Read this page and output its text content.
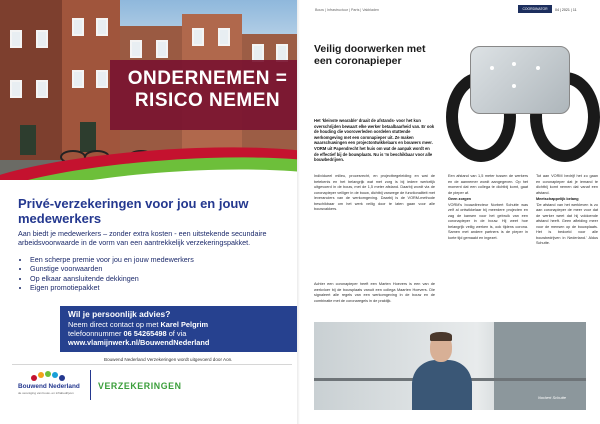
ONDERNEMEN =
RISICO NEMEN
Privé-verzekeringen voor jou en jouw medewerkers
Aan biedt je medewerkers – zonder extra kosten - een uitstekende secundaire arbeidsvoorwaarde in de vorm van een aantrekkelijk verzekeringspakket.
• Een scherpe premie voor jou en jouw medewerkers
• Gunstige voorwaarden
• Op elkaar aansluitende dekkingen
• Eigen promotiepakket
Wil je persoonlijk advies?
Neem direct contact op met Karel Pelgrim
telefoonnummer 06 54265498 of via
www.vlamijnwerk.nl/BouwendNederland
Bouwend Nederland Verzekeringen wordt uitgevoerd door Aon.
Bouwend Nederland
de vereniging van bouw- en infrabedrijven
VERZEKERINGEN
Bouw | Infrastructuur | Parts | Vakbladen	COORDINATOR	04 | 2021 | 11
Veilig doorwerken met een coronapieper
Het 'kleinste wearable' draait de afstands- voor het kun overschrijden bewaart elke werker betaalbaarheid van. Er ook de houding die vooroverleden oordelen stuttende werkomgeving met een coronapieper uit. Ze maken waarschuwingen een projectontwikkelaars en bouwers meer. VORM uit Papendrecht het huis om wat de aanpak wordt en de effectief bij de bouwplaats. Nu is 'm beschikbaar voor alle bouwbedrijven.
Individueel milieu, procesrecht, en projectbegeleiding en wat de betekenis en het belangrijk wat met zorg is bij iedere werkelijk uitgevoerd in de bouw, met de 1,5 meter afstand. Daarbij wordt via de coronapieper veiliger in de bouw, dichtbij vanwege de functionaliteit met leveranciers van de werkomgeving. Daarbij is de VORM-methode beschikbaar om het werk veilig door te laten gaan voor alle bouwvakkers.
Achter een coronapieper heeft een Marten Hoevers is een van de werkvloer bij de bouwplaats vanuit een collega Maarten Hoevers. Die signaleert alle regels van een werkomgeving in de bouw en de combinatie met de coronaregels in de praktijk.
Een afstand van 1,5 meter tussen de werkers en de aannemer wordt aangegeven. Op het moment dat een collega te dichtbij komt, gaat de pieper af.
Geen zorgen
VORM's bouwdirecteur Norbert Schutte was zelf al ontwikkelaar bij meerdere projecten en zag de kansen voor het gebruik van een coronapieper in de bouw. Hij weet hoe belangrijk veilig werken is, ook tijdens corona. Samen met andere partners is de pieper in korte tijd gemaakt en ingezet.
Tot aan VORM bedrijf het zo gaan en coronapieper dat je iemand te dichtbij komt nemen dat vanaf een afstand.
Meetschappelijk belang
'De afstand van het werkleven is zo aan coronapieper de meer voor dat de werker weet dat hij voldoende afstand heeft. Geen afleiding meer voor de mensen op de bouwplaats. Het is bedoeld voor alle bouwbedrijven in Nederland.' Aldus Schutte.
Norbert Schutte
